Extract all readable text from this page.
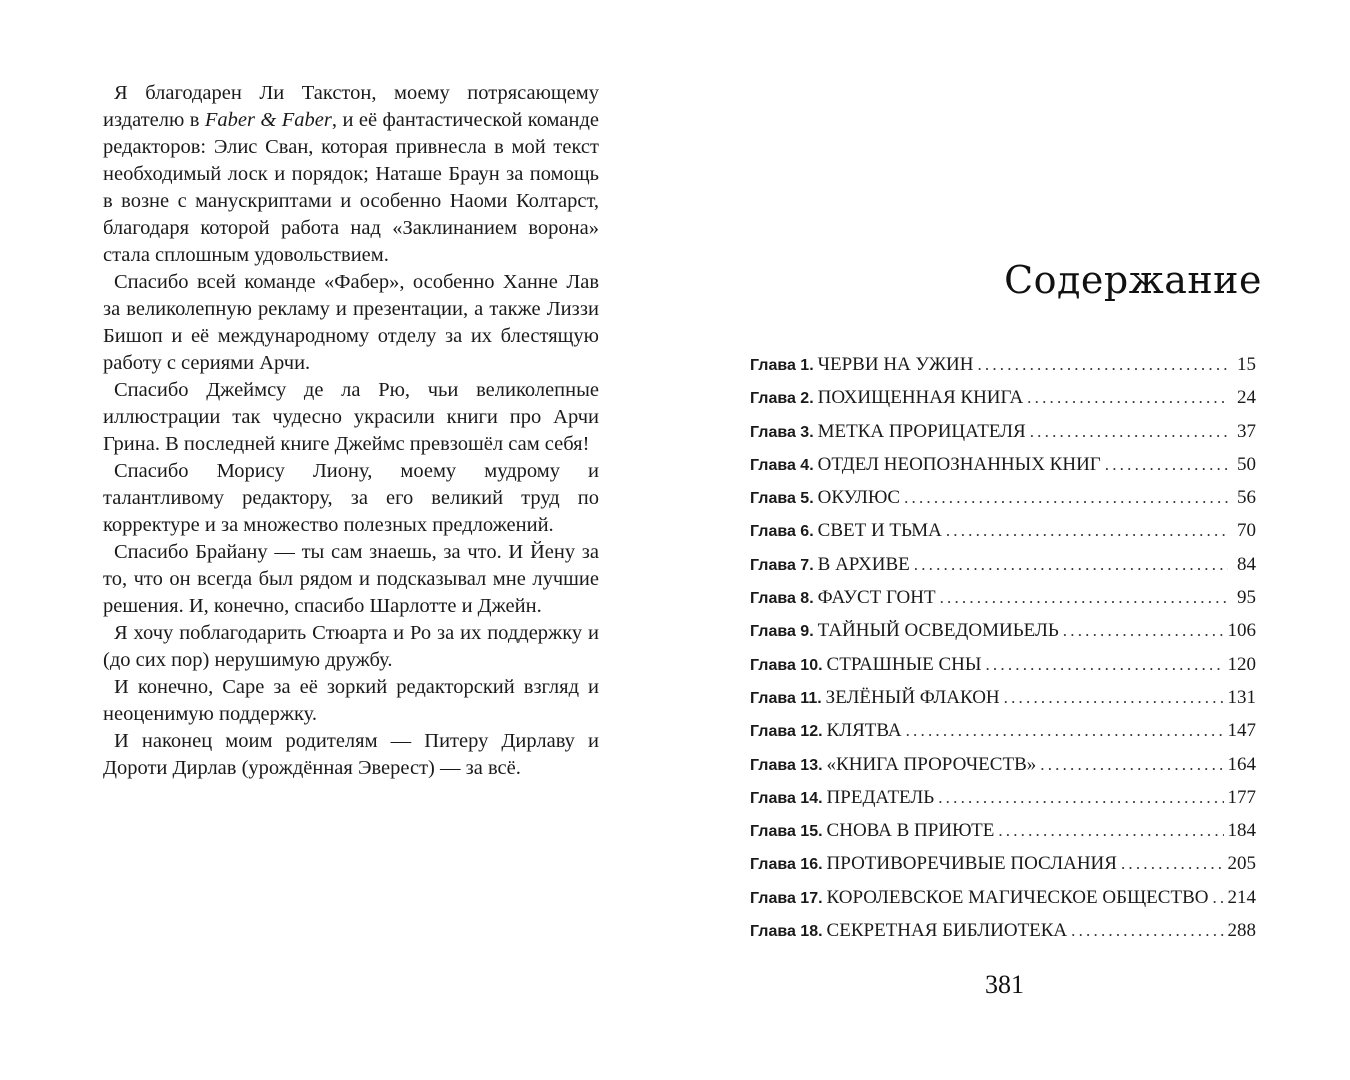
Я благодарен Ли Такстон, моему потрясающему издателю в Faber & Faber, и её фантастической команде редакторов: Элис Сван, которая привнесла в мой текст необходимый лоск и порядок; Наташе Браун за помощь в возне с манускриптами и особенно Наоми Колтарст, благодаря которой работа над «Заклинанием ворона» стала сплошным удовольствием.

Спасибо всей команде «Фабер», особенно Ханне Лав за великолепную рекламу и презентации, а также Лиззи Бишоп и её международному отделу за их блестящую работу с сериями Арчи.

Спасибо Джеймсу де ла Рю, чьи великолепные иллюстрации так чудесно украсили книги про Арчи Грина. В последней книге Джеймс превзошёл сам себя!

Спасибо Морису Лиону, моему мудрому и талантливому редактору, за его великий труд по корректуре и за множество полезных предложений.

Спасибо Брайану — ты сам знаешь, за что. И Йену за то, что он всегда был рядом и подсказывал мне лучшие решения. И, конечно, спасибо Шарлотте и Джейн.

Я хочу поблагодарить Стюарта и Ро за их поддержку и (до сих пор) нерушимую дружбу.

И конечно, Саре за её зоркий редакторский взгляд и неоценимую поддержку.

И наконец моим родителям — Питеру Дирлаву и Дороти Дирлав (урождённая Эверест) — за всё.

Содержание
Глава 1. ЧЕРВИ НА УЖИН .....	15
Глава 2. ПОХИЩЕННАЯ КНИГА .....	24
Глава 3. МЕТКА ПРОРИЦАТЕЛЯ .....	37
Глава 4. ОТДЕЛ НЕОПОЗНАННЫХ КНИГ .....	50
Глава 5. ОКУЛЮС .....	56
Глава 6. СВЕТ И ТЬМА .....	70
Глава 7. В АРХИВЕ .....	84
Глава 8. ФАУСТ ГОНТ .....	95
Глава 9. ТАЙНЫЙ ОСВЕДОМИЬЕЛЬ .....	106
Глава 10. СТРАШНЫЕ СНЫ .....	120
Глава 11. ЗЕЛЁНЫЙ ФЛАКОН .....	131
Глава 12. КЛЯТВА .....	147
Глава 13. «КНИГА ПРОРОЧЕСТВ» .....	164
Глава 14. ПРЕДАТЕЛЬ .....	177
Глава 15. СНОВА В ПРИЮТЕ .....	184
Глава 16. ПРОТИВОРЕЧИВЫЕ ПОСЛАНИЯ .....	205
Глава 17. КОРОЛЕВСКОЕ МАГИЧЕСКОЕ ОБЩЕСТВО ..... 214
Глава 18. СЕКРЕТНАЯ БИБЛИОТЕКА .....	288
381
